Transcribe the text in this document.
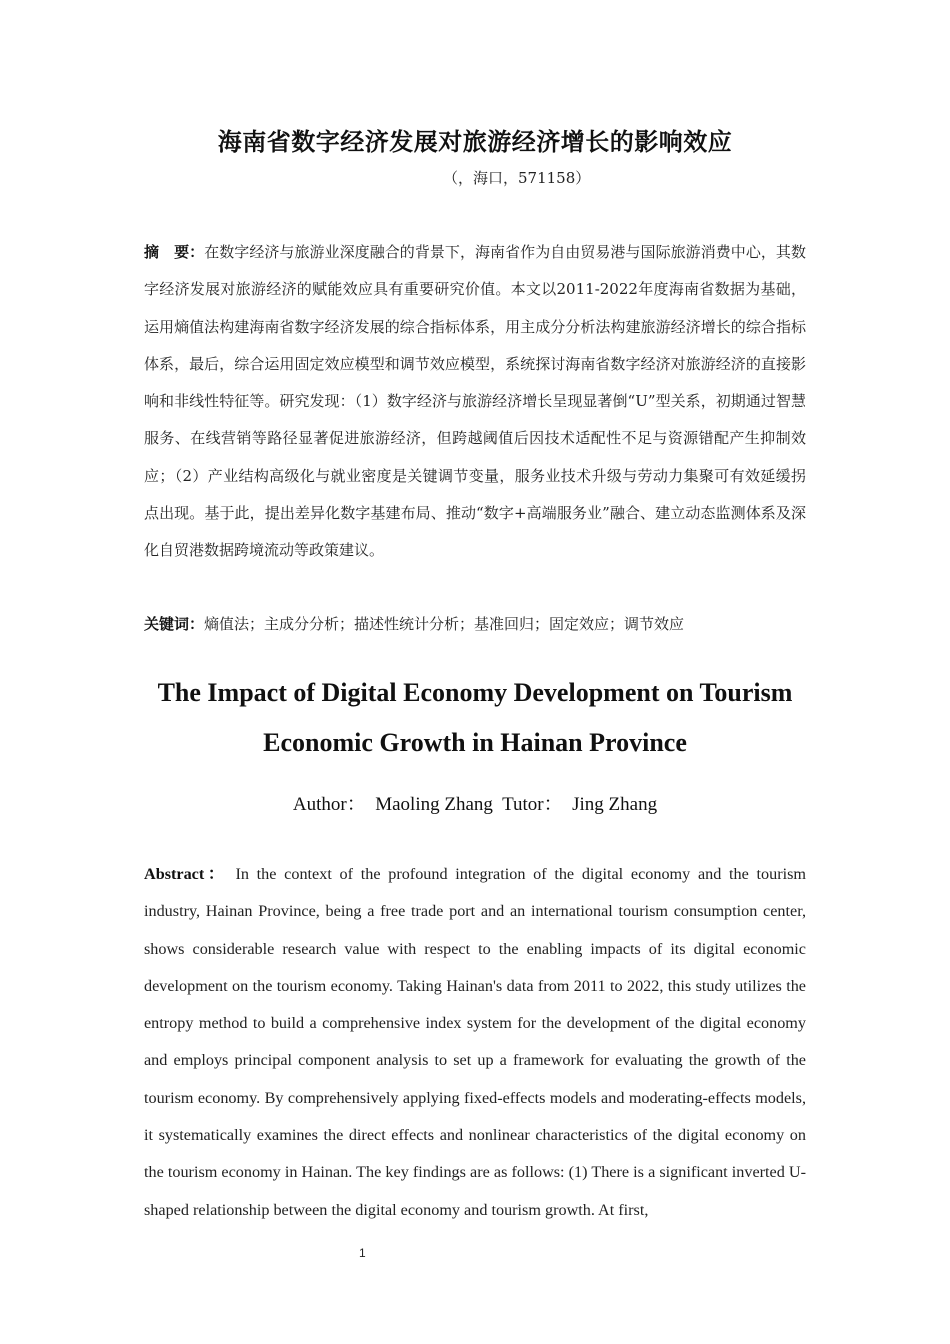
海南省数字经济发展对旅游经济增长的影响效应
（，海口，571158）
摘　要：在数字经济与旅游业深度融合的背景下，海南省作为自由贸易港与国际旅游消费中心，其数字经济发展对旅游经济的赋能效应具有重要研究价值。本文以2011-2022年度海南省数据为基础，运用熵值法构建海南省数字经济发展的综合指标体系，用主成分分析法构建旅游经济增长的综合指标体系，最后，综合运用固定效应模型和调节效应模型，系统探讨海南省数字经济对旅游经济的直接影响和非线性特征等。研究发现：（1）数字经济与旅游经济增长呈现显著倒“U”型关系，初期通过智慧服务、在线营销等路径显著促进旅游经济，但跨越阈值后因技术适配性不足与资源错配产生抑制效应；（2）产业结构高级化与就业密度是关键调节变量，服务业技术升级与劳动力集聚可有效延缓拐点出现。基于此，提出差异化数字基建布局、推动“数字+高端服务业”融合、建立动态监测体系及深化自贸港数据跨境流动等政策建议。
关键词：熵值法；主成分分析；描述性统计分析；基准回归；固定效应；调节效应
The Impact of Digital Economy Development on Tourism
Economic Growth in Hainan Province
Author：  Maoling Zhang  Tutor：  Jing Zhang
Abstract： In the context of the profound integration of the digital economy and the tourism industry, Hainan Province, being a free trade port and an international tourism consumption center, shows considerable research value with respect to the enabling impacts of its digital economic development on the tourism economy. Taking Hainan's data from 2011 to 2022, this study utilizes the entropy method to build a comprehensive index system for the development of the digital economy and employs principal component analysis to set up a framework for evaluating the growth of the tourism economy. By comprehensively applying fixed-effects models and moderating-effects models, it systematically examines the direct effects and nonlinear characteristics of the digital economy on the tourism economy in Hainan. The key findings are as follows: (1) There is a significant inverted U-shaped relationship between the digital economy and tourism growth. At first,
1
